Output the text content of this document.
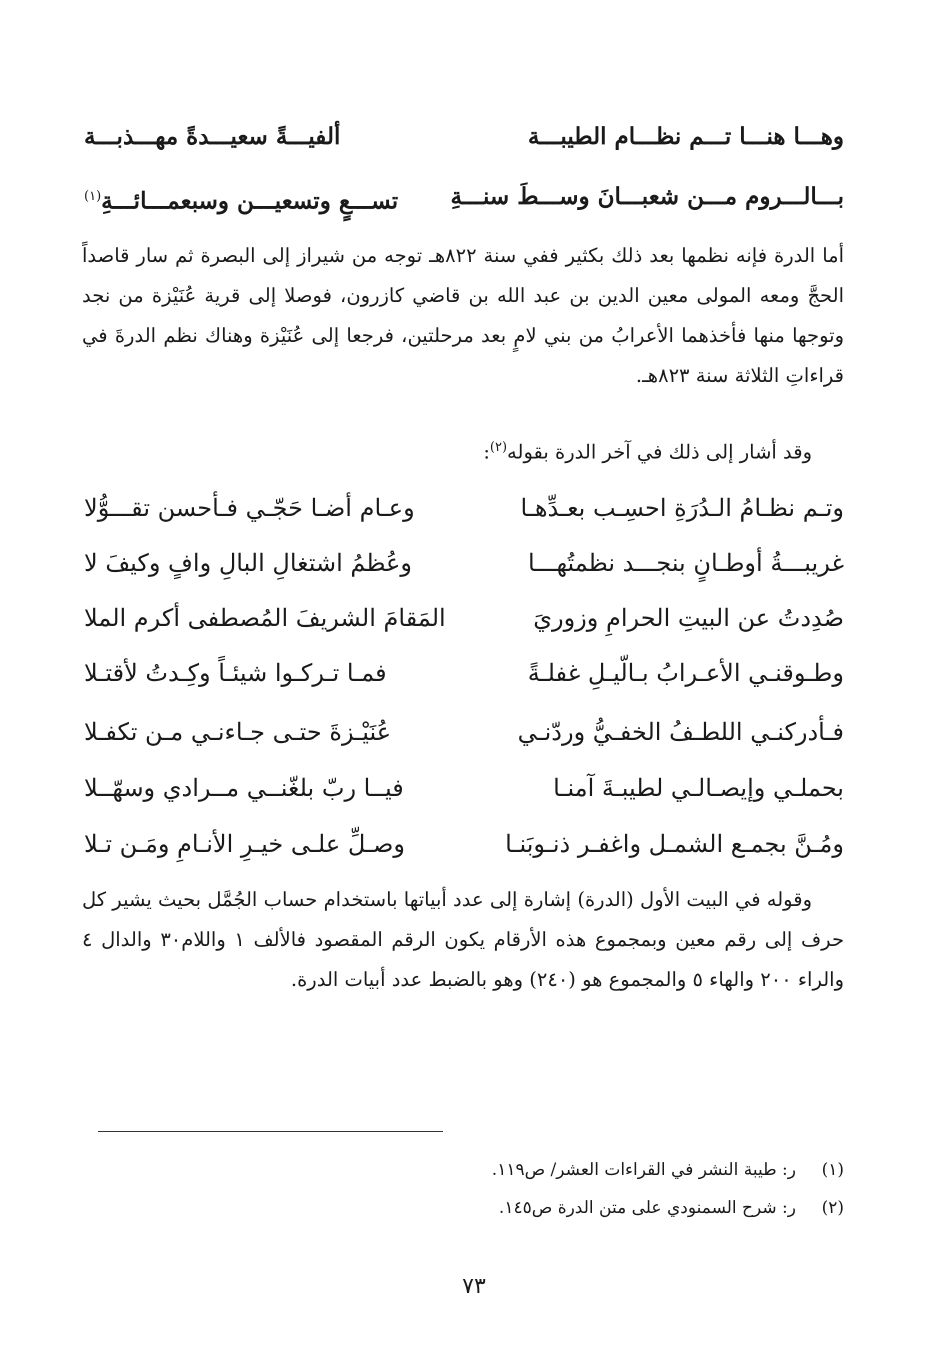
وهـــا هنـــا تـــم نظـــام الطيبـــة
ألفيـــةً سعيـــدةً مهـــذبـــة
بـــالـــروم مـــن شعبـــانَ وســـطَ سنـــةِ
تســـعٍ وتسعيـــن وسبعمـــائـــةِ$^{(١)}$

أما الدرة فإنه نظمها بعد ذلك بكثير ففي سنة ٨٢٢هـ توجه من شيراز إلى البصرة ثم سار قاصداً الحجَّ ومعه المولى معين الدين بن عبد الله بن قاضي كازرون، فوصلا إلى قرية عُنَيْزة من نجد وتوجها منها فأخذهما الأعرابُ من بني لامٍ بعد مرحلتين، فرجعا إلى عُنَيْزة وهناك نظم الدرةَ في قراءاتِ الثلاثة سنة ٨٢٣هـ.

وقد أشار إلى ذلك في آخر الدرة بقوله$^{(٢)}$:

وتـم نظـامُ الـدُرَةِ احسِـب بعـدِّهـا
وعـام أضـا حَجّـي فـأحسن تقـــوُّلا
غريبـــةُ أوطـانٍ بنجـــد نظمتُهـــا
وعُظمُ اشتغالِ البالِ وافٍ وكيفَ لا
صُدِدتُ عن البيتِ الحرامِ وزوريَ
المَقامَ الشريفَ المُصطفى أكرم الملا
وطـوقنـي الأعـرابُ بـالّيـلِ غفلـةً
فمـا تـركـوا شيئـاً وكِـدتُ لأقتـلا
فـأدركنـي اللطـفُ الخفـيُّ وردّنـي
عُنَيْـزةَ حتـى جـاءنـي مـن تكفـلا
بحملـي وإيصـالـي لطيبـةَ آمنـا
فيــا ربّ بلغّنــي مــرادي وسهّــلا
ومُـنَّ بجمـع الشمـل واغفـر ذنـوبَنـا
وصـلِّ علـى خيـرِ الأنـامِ ومَـن تـلا

وقوله في البيت الأول (الدرة) إشارة إلى عدد أبياتها باستخدام حساب الجُمَّل بحيث يشير كل حرف إلى رقم معين وبمجموع هذه الأرقام يكون الرقم المقصود فالألف ١ واللام٣٠ والدال ٤ والراء ٢٠٠ والهاء ٥ والمجموع هو (٢٤٠) وهو بالضبط عدد أبيات الدرة.

(١)ر: طيبة النشر في القراءات العشر/ ص١١٩.
(٢)ر: شرح السمنودي على متن الدرة ص١٤٥.
٧٣
